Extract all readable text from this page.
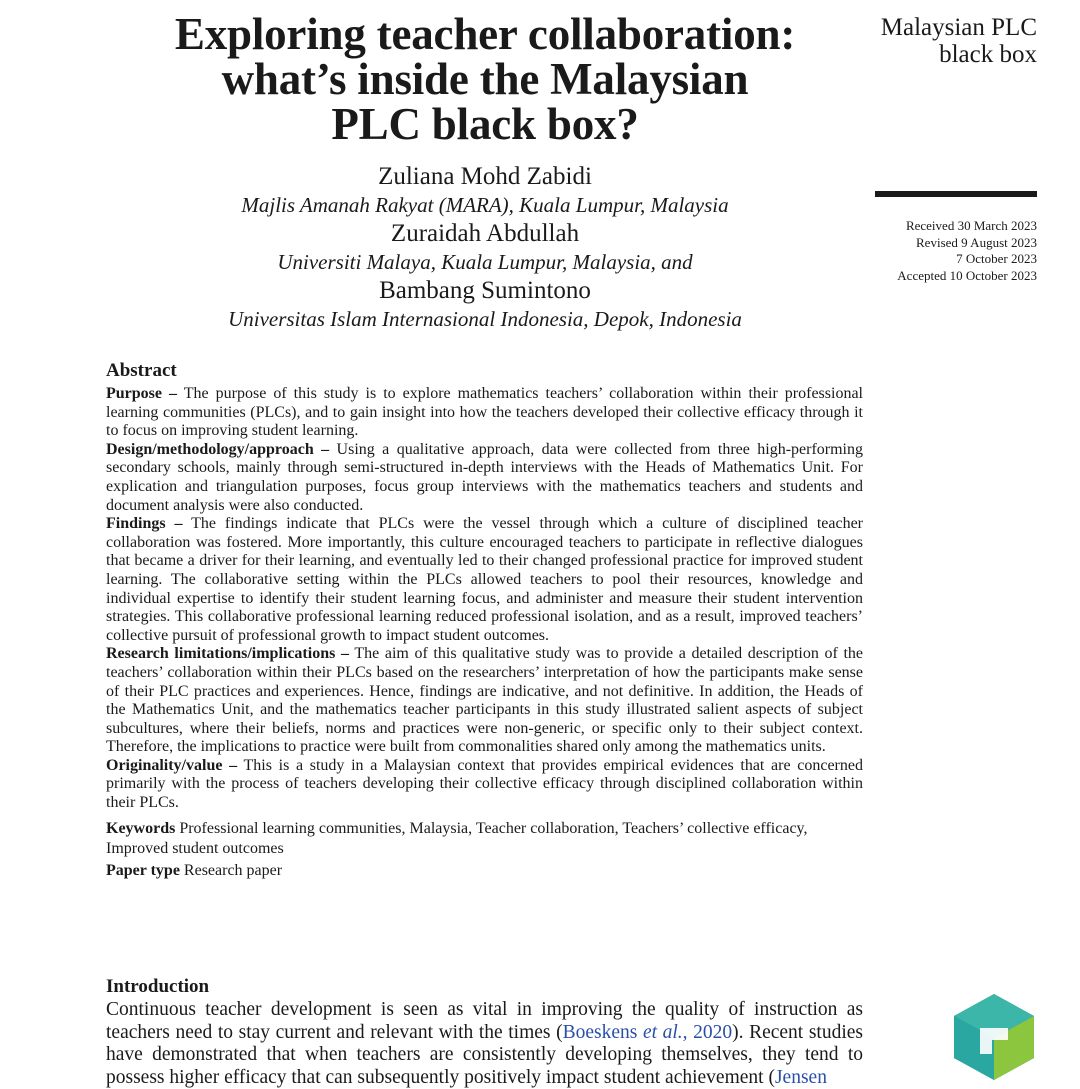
Exploring teacher collaboration:
what’s inside the Malaysian
PLC black box?
Zuliana Mohd Zabidi
Majlis Amanah Rakyat (MARA), Kuala Lumpur, Malaysia
Zuraidah Abdullah
Universiti Malaya, Kuala Lumpur, Malaysia, and
Bambang Sumintono
Universitas Islam Internasional Indonesia, Depok, Indonesia
Malaysian PLC
black box
Received 30 March 2023
Revised 9 August 2023
7 October 2023
Accepted 10 October 2023
Abstract

Purpose – The purpose of this study is to explore mathematics teachers’ collaboration within their professional learning communities (PLCs), and to gain insight into how the teachers developed their collective efficacy through it to focus on improving student learning.

Design/methodology/approach – Using a qualitative approach, data were collected from three high-performing secondary schools, mainly through semi-structured in-depth interviews with the Heads of Mathematics Unit. For explication and triangulation purposes, focus group interviews with the mathematics teachers and students and document analysis were also conducted.

Findings – The findings indicate that PLCs were the vessel through which a culture of disciplined teacher collaboration was fostered. More importantly, this culture encouraged teachers to participate in reflective dialogues that became a driver for their learning, and eventually led to their changed professional practice for improved student learning. The collaborative setting within the PLCs allowed teachers to pool their resources, knowledge and individual expertise to identify their student learning focus, and administer and measure their student intervention strategies. This collaborative professional learning reduced professional isolation, and as a result, improved teachers’ collective pursuit of professional growth to impact student outcomes.

Research limitations/implications – The aim of this qualitative study was to provide a detailed description of the teachers’ collaboration within their PLCs based on the researchers’ interpretation of how the participants make sense of their PLC practices and experiences. Hence, findings are indicative, and not definitive. In addition, the Heads of the Mathematics Unit, and the mathematics teacher participants in this study illustrated salient aspects of subject subcultures, where their beliefs, norms and practices were non-generic, or specific only to their subject context. Therefore, the implications to practice were built from commonalities shared only among the mathematics units.

Originality/value – This is a study in a Malaysian context that provides empirical evidences that are concerned primarily with the process of teachers developing their collective efficacy through disciplined collaboration within their PLCs.

Keywords Professional learning communities, Malaysia, Teacher collaboration, Teachers’ collective efficacy, Improved student outcomes

Paper type Research paper

Introduction

Continuous teacher development is seen as vital in improving the quality of instruction as teachers need to stay current and relevant with the times (Boeskens et al., 2020). Recent studies have demonstrated that when teachers are consistently developing themselves, they tend to possess higher efficacy that can subsequently positively impact student achievement (Jensen
